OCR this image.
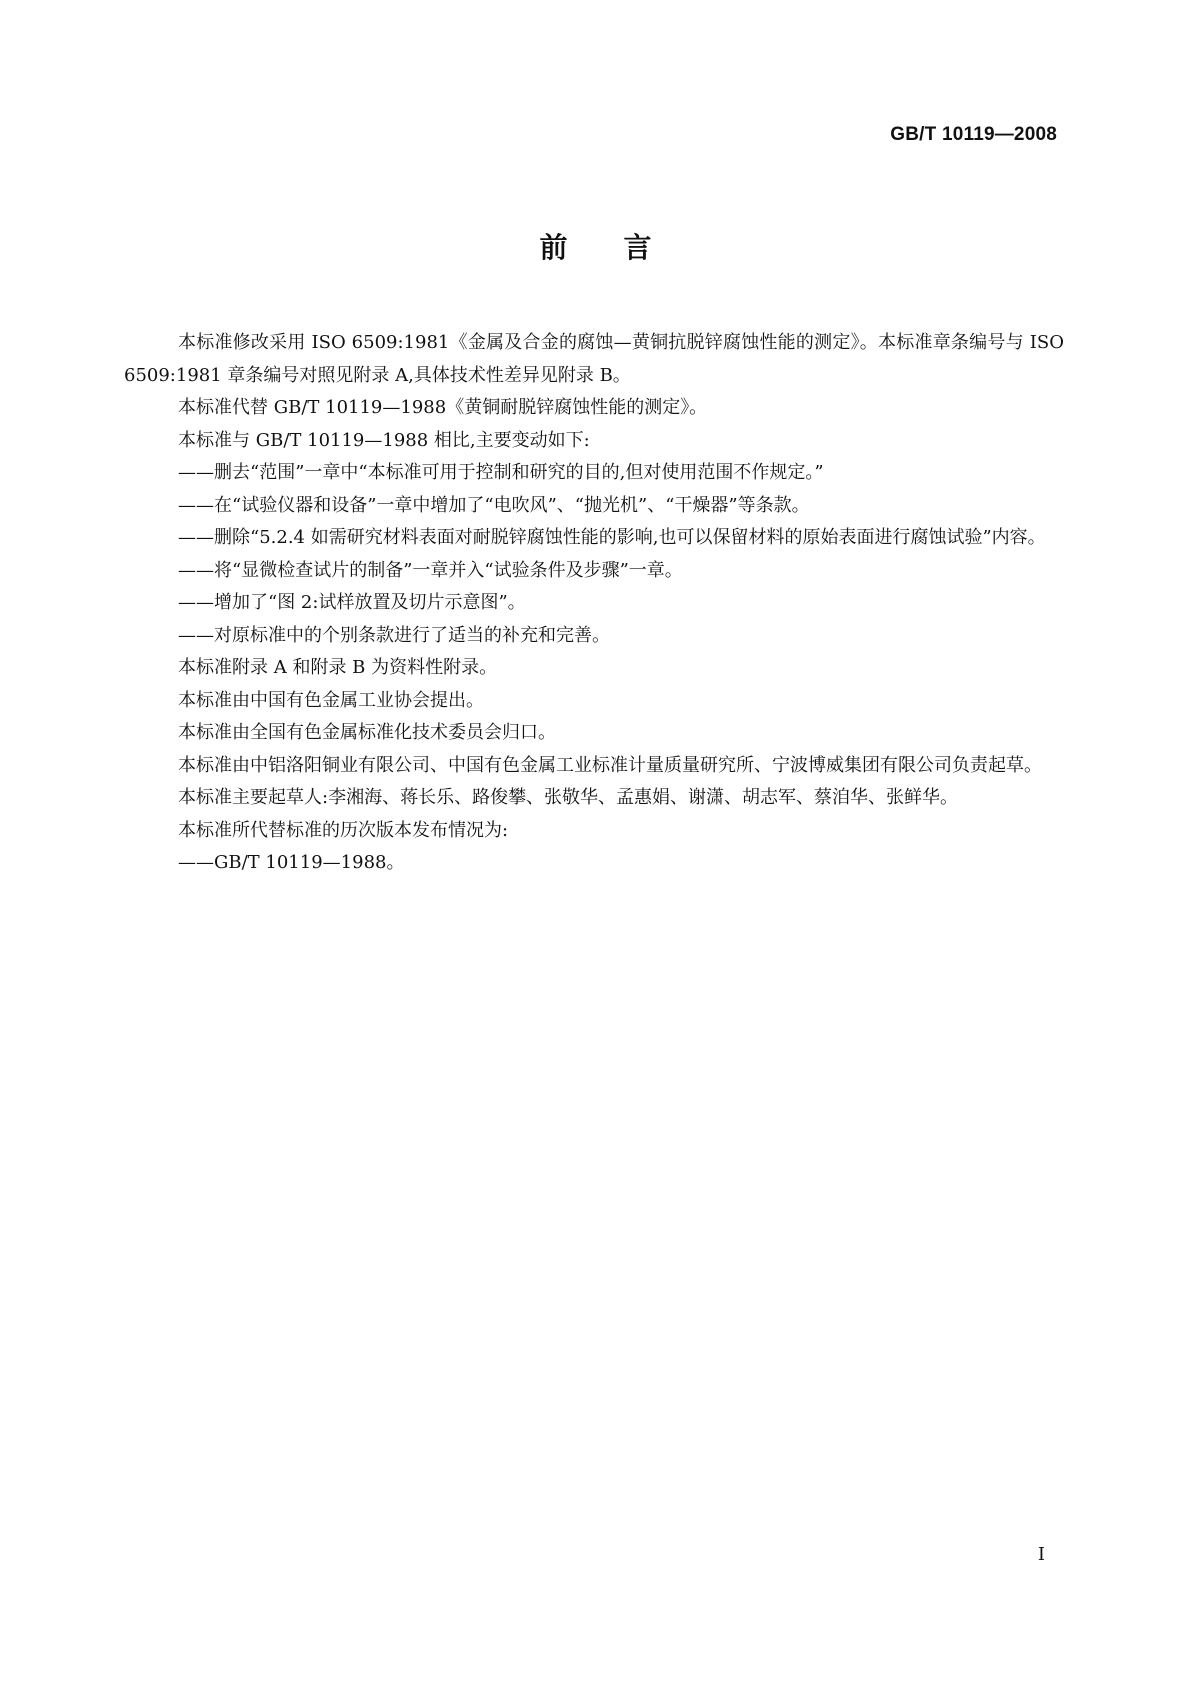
GB/T 10119—2008
前言

本标准修改采用 ISO 6509:1981《金属及合金的腐蚀—黄铜抗脱锌腐蚀性能的测定》。本标准章条编号与 ISO 6509:1981 章条编号对照见附录 A,具体技术性差异见附录 B。

本标准代替 GB/T 10119—1988《黄铜耐脱锌腐蚀性能的测定》。

本标准与 GB/T 10119—1988 相比,主要变动如下:

——删去“范围”一章中“本标准可用于控制和研究的目的,但对使用范围不作规定。”

——在“试验仪器和设备”一章中增加了“电吹风”、“抛光机”、“干燥器”等条款。

——删除“5.2.4 如需研究材料表面对耐脱锌腐蚀性能的影响,也可以保留材料的原始表面进行腐蚀试验”内容。

——将“显微检查试片的制备”一章并入“试验条件及步骤”一章。

——增加了“图 2:试样放置及切片示意图”。

——对原标准中的个别条款进行了适当的补充和完善。

本标准附录 A 和附录 B 为资料性附录。

本标准由中国有色金属工业协会提出。

本标准由全国有色金属标准化技术委员会归口。

本标准由中铝洛阳铜业有限公司、中国有色金属工业标准计量质量研究所、宁波博威集团有限公司负责起草。

本标准主要起草人:李湘海、蒋长乐、路俊攀、张敬华、孟惠娟、谢潇、胡志军、蔡洎华、张鲜华。

本标准所代替标准的历次版本发布情况为:

——GB/T 10119—1988。

I
